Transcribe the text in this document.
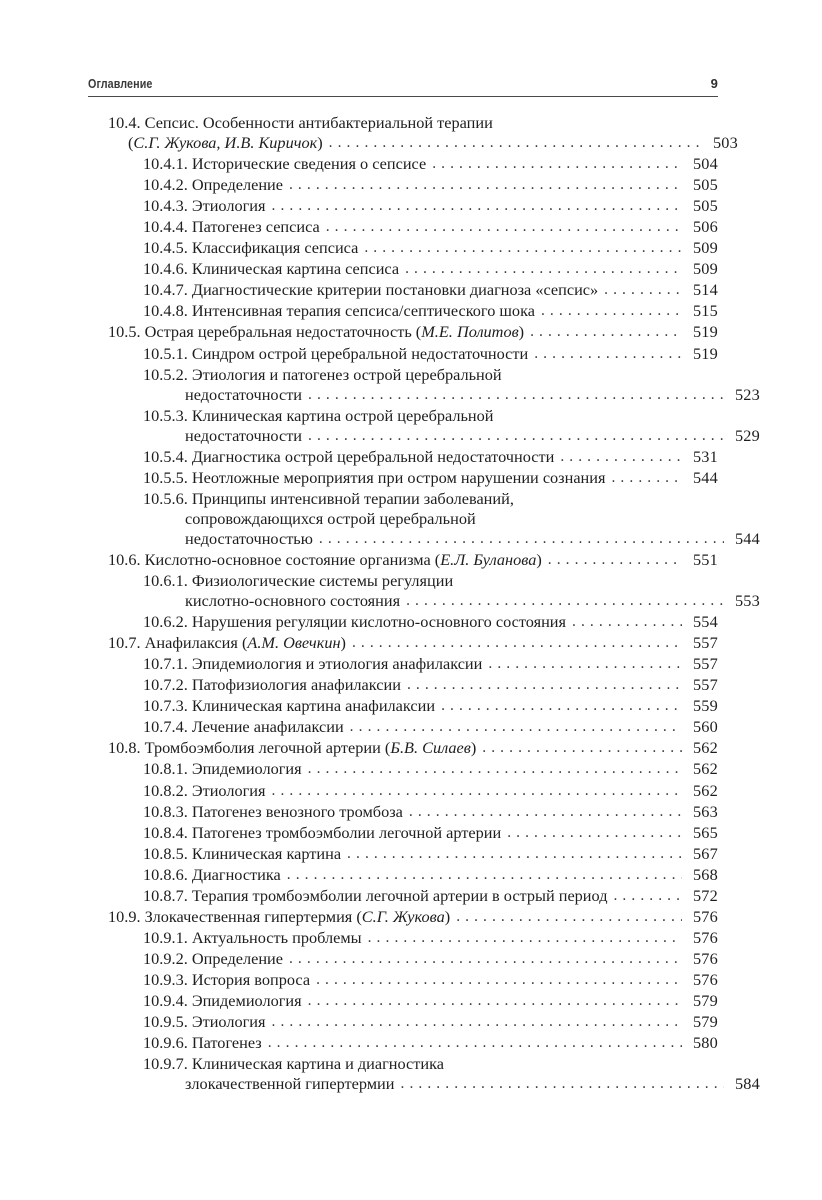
Оглавление	9
10.4. Сепсис. Особенности антибактериальной терапии
( С.Г. Жукова, И.В. Киричок ) . . .	503
10.4.1. Исторические сведения о сепсисе . . .	504
10.4.2. Определение . . .	505
10.4.3. Этиология . . .	505
10.4.4. Патогенез сепсиса . . .	506
10.4.5. Классификация сепсиса . . .	509
10.4.6. Клиническая картина сепсиса . . .	509
10.4.7. Диагностические критерии постановки диагноза «сепсис» . . .	514
10.4.8. Интенсивная терапия сепсиса/септического шока . . .	515
10.5. Острая церебральная недостаточность ( М.Е. Политов ) . . .	519
10.5.1. Синдром острой церебральной недостаточности . . .	519
10.5.2. Этиология и патогенез острой церебральной
недостаточности . . .	523
10.5.3. Клиническая картина острой церебральной
недостаточности . . .	529
10.5.4. Диагностика острой церебральной недостаточности . . .	531
10.5.5. Неотложные мероприятия при остром нарушении сознания . . .	544
10.5.6. Принципы интенсивной терапии заболеваний,
сопровождающихся острой церебральной
недостаточностью . . .	544
10.6. Кислотно-основное состояние организма ( Е.Л. Буланова ) . . .	551
10.6.1. Физиологические системы регуляции
кислотно-основного состояния . . .	553
10.6.2. Нарушения регуляции кислотно-основного состояния . . .	554
10.7. Анафилаксия ( А.М. Овечкин ) . . .	557
10.7.1. Эпидемиология и этиология анафилаксии . . .	557
10.7.2. Патофизиология анафилаксии . . .	557
10.7.3. Клиническая картина анафилаксии . . .	559
10.7.4. Лечение анафилаксии . . .	560
10.8. Тромбоэмболия легочной артерии ( Б.В. Силаев ) . . .	562
10.8.1. Эпидемиология . . .	562
10.8.2. Этиология . . .	562
10.8.3. Патогенез венозного тромбоза . . .	563
10.8.4. Патогенез тромбоэмболии легочной артерии . . .	565
10.8.5. Клиническая картина . . .	567
10.8.6. Диагностика . . .	568
10.8.7. Терапия тромбоэмболии легочной артерии в острый период . . .	572
10.9. Злокачественная гипертермия ( С.Г. Жукова ) . . .	576
10.9.1. Актуальность проблемы . . .	576
10.9.2. Определение . . .	576
10.9.3. История вопроса . . .	576
10.9.4. Эпидемиология . . .	579
10.9.5. Этиология . . .	579
10.9.6. Патогенез . . .	580
10.9.7. Клиническая картина и диагностика
злокачественной гипертермии . . .	584
